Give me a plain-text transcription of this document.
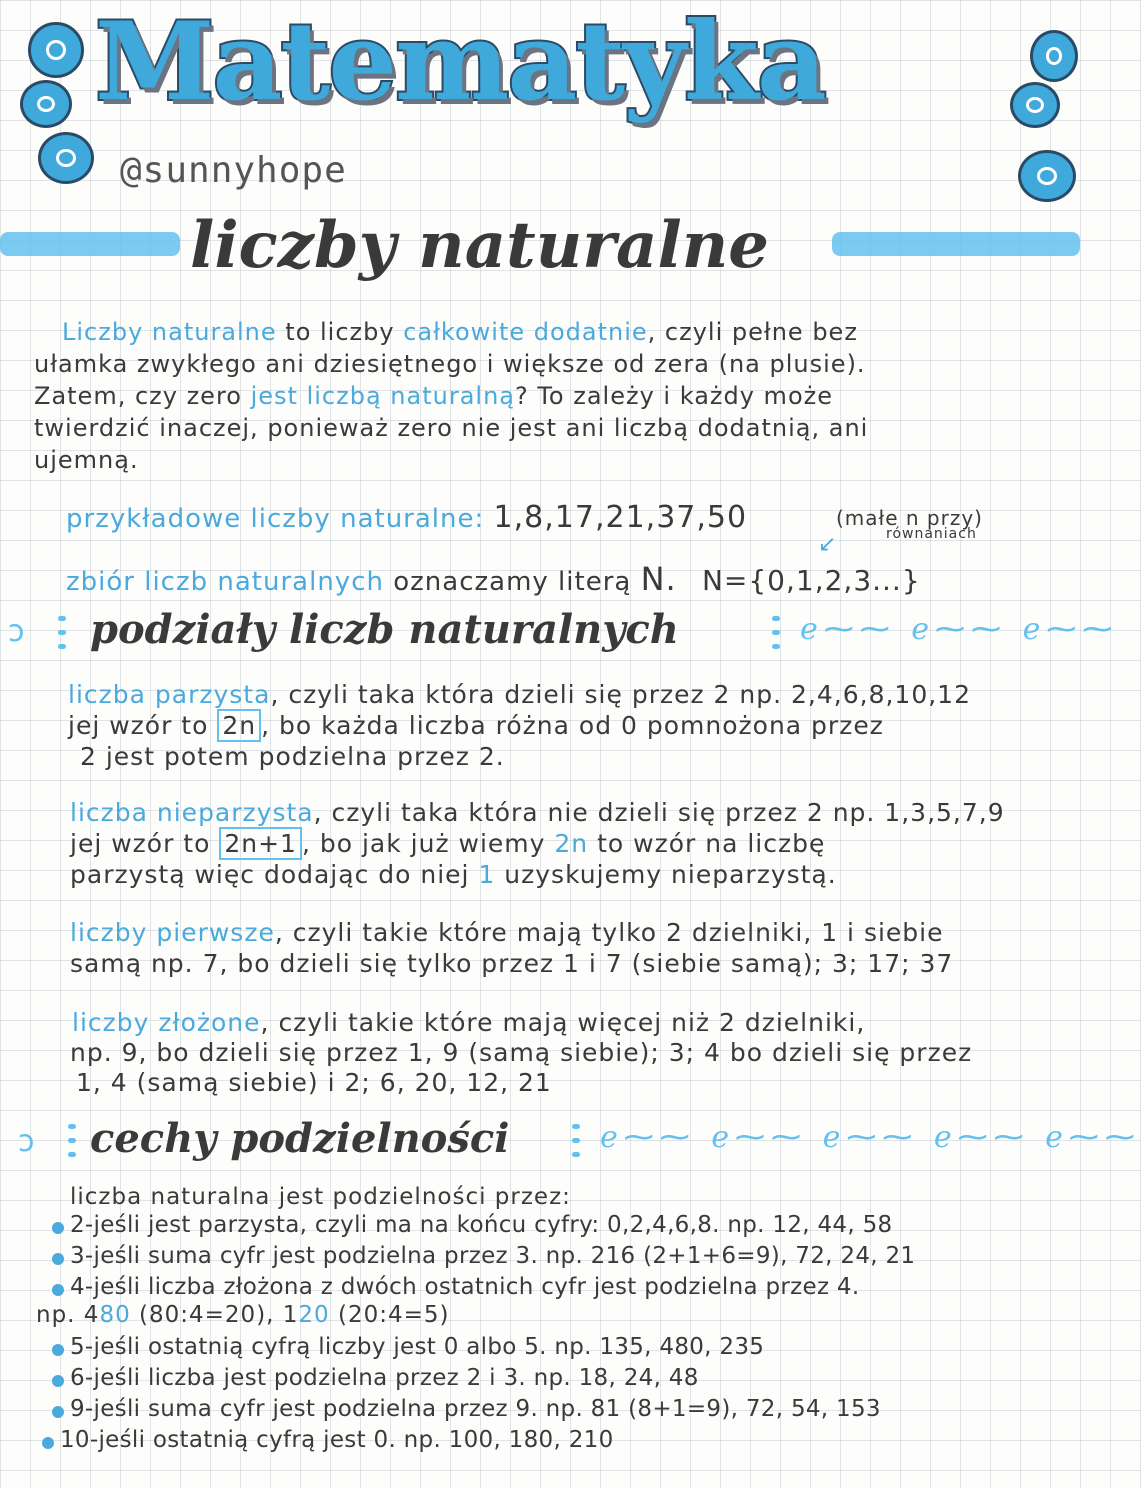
Matematyka
@sunnyhope
liczby naturalne
Liczby naturalne to liczby całkowite dodatnie, czyli pełne bez
ułamka zwykłego ani dziesiętnego i większe od zera (na plusie).
Zatem, czy zero jest liczbą naturalną? To zależy i każdy może
twierdzić inaczej, ponieważ zero nie jest ani liczbą dodatnią, ani
ujemną.
przykładowe liczby naturalne: 1,8,17,21,37,50	(małe n przy)
równaniach
↙
zbiór liczb naturalnych oznaczamy literą N. N={0,1,2,3...}
ↄ podziały liczb naturalnych	ℯ⁓⁓ ℯ⁓⁓ ℯ⁓⁓
liczba parzysta, czyli taka która dzieli się przez 2 np. 2,4,6,8,10,12
jej wzór to 2n , bo każda liczba różna od 0 pomnożona przez
2 jest potem podzielna przez 2.
liczba nieparzysta, czyli taka która nie dzieli się przez 2 np. 1,3,5,7,9
jej wzór to 2n+1 , bo jak już wiemy 2n to wzór na liczbę
parzystą więc dodając do niej 1 uzyskujemy nieparzystą.
liczby pierwsze, czyli takie które mają tylko 2 dzielniki, 1 i siebie
samą np. 7, bo dzieli się tylko przez 1 i 7 (siebie samą); 3; 17; 37
liczby złożone, czyli takie które mają więcej niż 2 dzielniki,
np. 9, bo dzieli się przez 1, 9 (samą siebie); 3; 4 bo dzieli się przez
1, 4 (samą siebie) i 2; 6, 20, 12, 21
ↄ cechy podzielności	ℯ⁓⁓ ℯ⁓⁓ ℯ⁓⁓ ℯ⁓⁓ ℯ⁓⁓
liczba naturalna jest podzielności przez:
2-jeśli jest parzysta, czyli ma na końcu cyfry: 0,2,4,6,8. np. 12, 44, 58
3-jeśli suma cyfr jest podzielna przez 3. np. 216 (2+1+6=9), 72, 24, 21
4-jeśli liczba złożona z dwóch ostatnich cyfr jest podzielna przez 4.
np. 480 (80:4=20), 120 (20:4=5)
5-jeśli ostatnią cyfrą liczby jest 0 albo 5. np. 135, 480, 235
6-jeśli liczba jest podzielna przez 2 i 3. np. 18, 24, 48
9-jeśli suma cyfr jest podzielna przez 9. np. 81 (8+1=9), 72, 54, 153
10-jeśli ostatnią cyfrą jest 0. np. 100, 180, 210
